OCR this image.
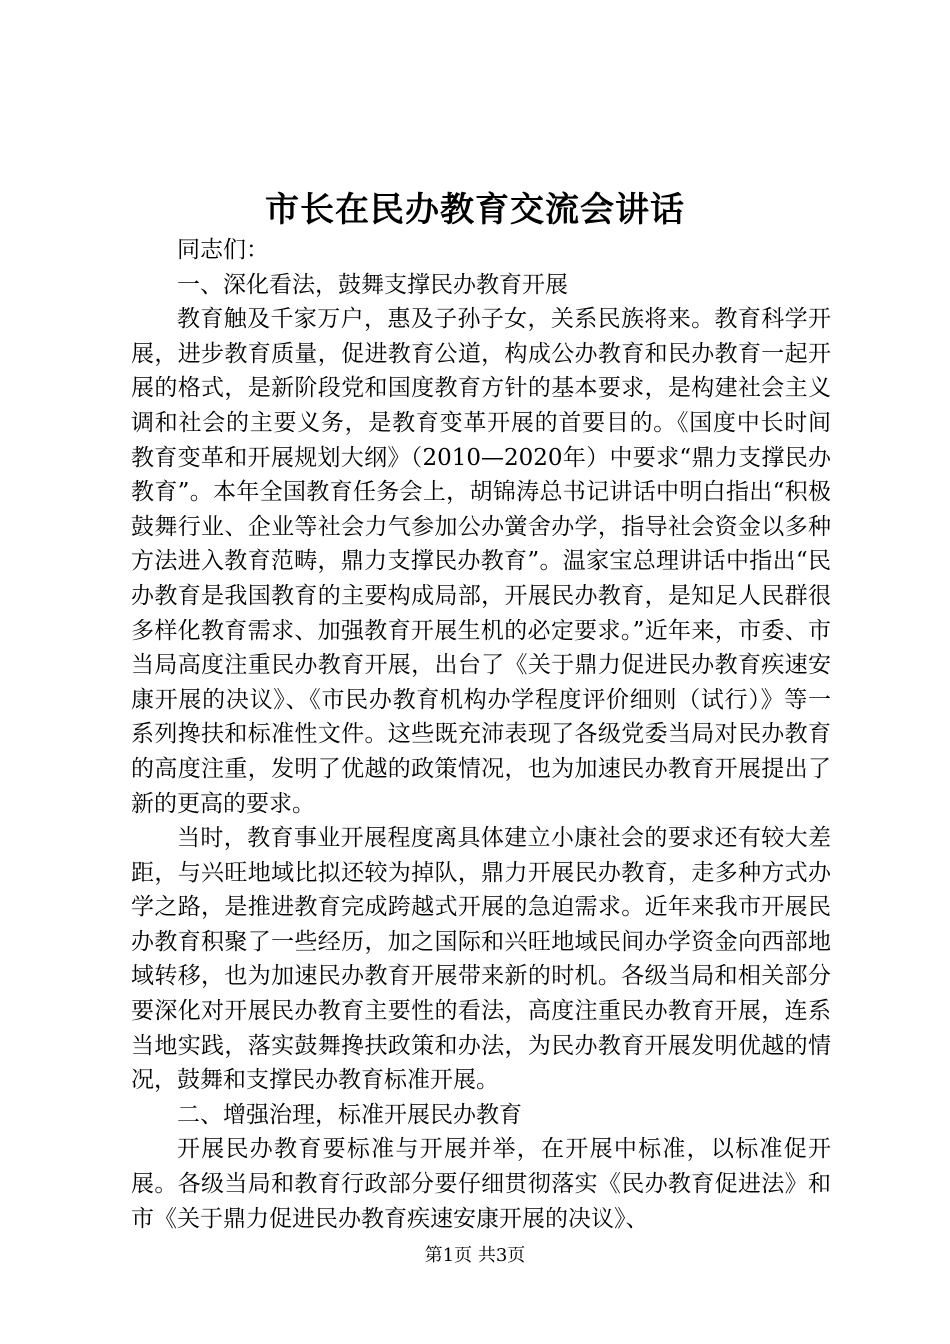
市长在民办教育交流会讲话

同志们：

一、深化看法，鼓舞支撑民办教育开展

教育触及千家万户，惠及子孙子女，关系民族将来。教育科学开展，进步教育质量，促进教育公道，构成公办教育和民办教育一起开展的格式，是新阶段党和国度教育方针的基本要求，是构建社会主义调和社会的主要义务，是教育变革开展的首要目的。《国度中长时间教育变革和开展规划大纲》（2010—2020年）中要求“鼎力支撑民办教育”。本年全国教育任务会上，胡锦涛总书记讲话中明白指出“积极鼓舞行业、企业等社会力气参加公办黉舍办学，指导社会资金以多种方法进入教育范畴，鼎力支撑民办教育”。温家宝总理讲话中指出“民办教育是我国教育的主要构成局部，开展民办教育，是知足人民群很多样化教育需求、加强教育开展生机的必定要求。”近年来，市委、市当局高度注重民办教育开展，出台了《关于鼎力促进民办教育疾速安康开展的决议》、《市民办教育机构办学程度评价细则（试行）》等一系列搀扶和标准性文件。这些既充沛表现了各级党委当局对民办教育的高度注重，发明了优越的政策情况，也为加速民办教育开展提出了新的更高的要求。

当时，教育事业开展程度离具体建立小康社会的要求还有较大差距，与兴旺地域比拟还较为掉队，鼎力开展民办教育，走多种方式办学之路，是推进教育完成跨越式开展的急迫需求。近年来我市开展民办教育积聚了一些经历，加之国际和兴旺地域民间办学资金向西部地域转移，也为加速民办教育开展带来新的时机。各级当局和相关部分要深化对开展民办教育主要性的看法，高度注重民办教育开展，连系当地实践，落实鼓舞搀扶政策和办法，为民办教育开展发明优越的情况，鼓舞和支撑民办教育标准开展。

二、增强治理，标准开展民办教育

开展民办教育要标准与开展并举，在开展中标准，以标准促开展。各级当局和教育行政部分要仔细贯彻落实《民办教育促进法》和市《关于鼎力促进民办教育疾速安康开展的决议》、

第1页 共3页
